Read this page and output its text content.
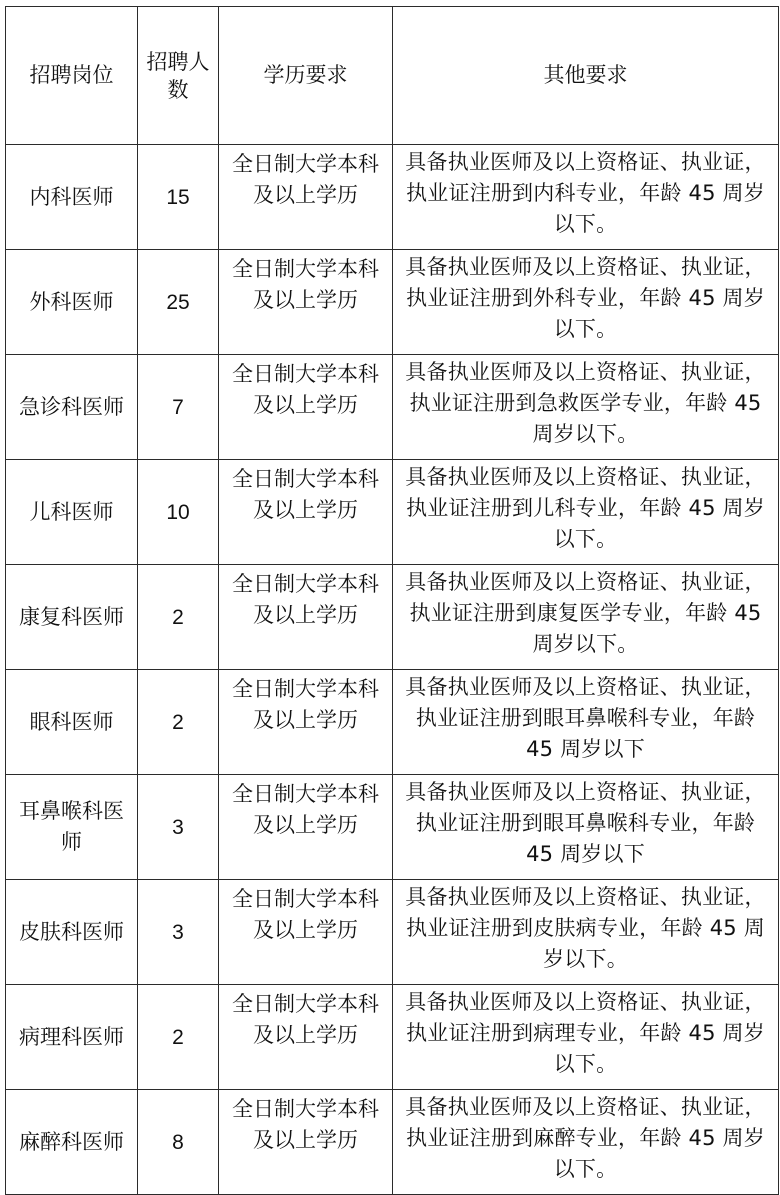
招聘岗位	招聘人数	学历要求	其他要求
内科医师	15	全日制大学本科及以上学历	具备执业医师及以上资格证、执业证，执业证注册到内科专业，年龄 45 周岁以下。
外科医师	25	全日制大学本科及以上学历	具备执业医师及以上资格证、执业证，执业证注册到外科专业，年龄 45 周岁以下。
急诊科医师	7	全日制大学本科及以上学历	具备执业医师及以上资格证、执业证，执业证注册到急救医学专业，年龄 45 周岁以下。
儿科医师	10	全日制大学本科及以上学历	具备执业医师及以上资格证、执业证，执业证注册到儿科专业，年龄 45 周岁以下。
康复科医师	2	全日制大学本科及以上学历	具备执业医师及以上资格证、执业证，执业证注册到康复医学专业，年龄 45 周岁以下。
眼科医师	2	全日制大学本科及以上学历	具备执业医师及以上资格证、执业证，执业证注册到眼耳鼻喉科专业，年龄 45 周岁以下
耳鼻喉科医师	3	全日制大学本科及以上学历	具备执业医师及以上资格证、执业证，执业证注册到眼耳鼻喉科专业，年龄 45 周岁以下
皮肤科医师	3	全日制大学本科及以上学历	具备执业医师及以上资格证、执业证，执业证注册到皮肤病专业，年龄 45 周岁以下。
病理科医师	2	全日制大学本科及以上学历	具备执业医师及以上资格证、执业证，执业证注册到病理专业，年龄 45 周岁以下。
麻醉科医师	8	全日制大学本科及以上学历	具备执业医师及以上资格证、执业证，执业证注册到麻醉专业，年龄 45 周岁以下。
